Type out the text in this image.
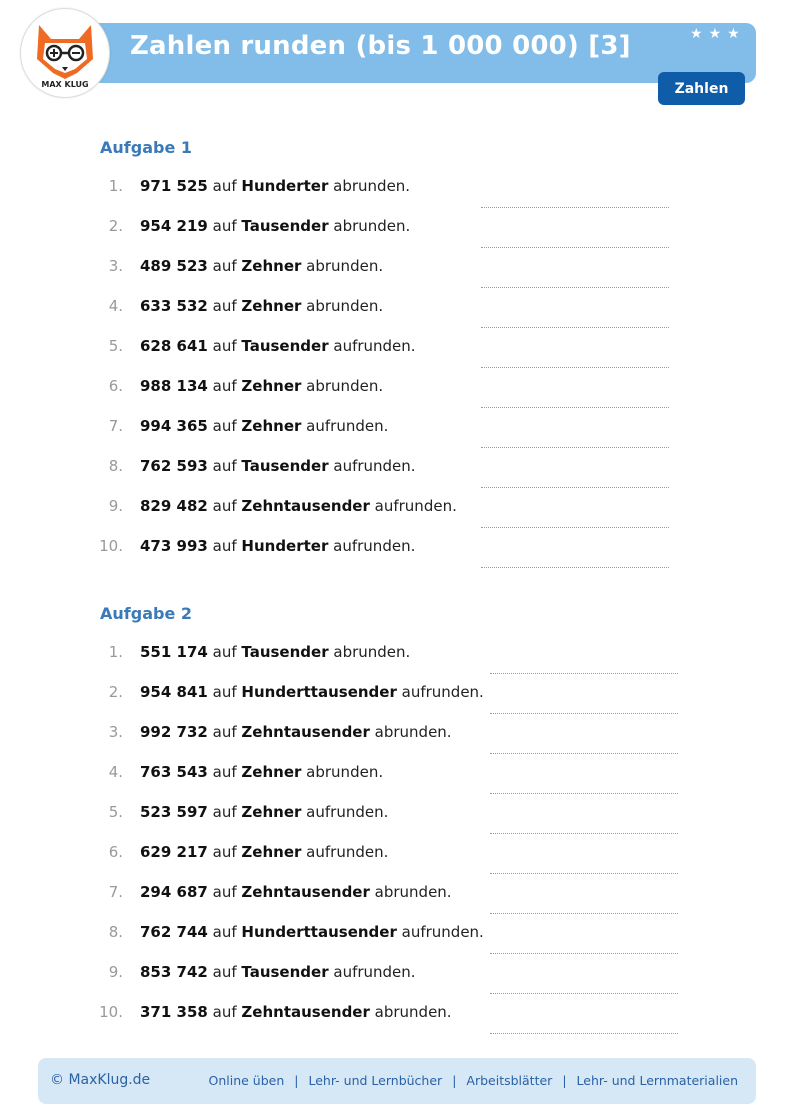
MAX KLUG
Zahlen runden (bis 1 000 000) [3]	★ ★ ★
Zahlen
Aufgabe 1
1. 971 525 auf Hunderter abrunden.
2. 954 219 auf Tausender abrunden.
3. 489 523 auf Zehner abrunden.
4. 633 532 auf Zehner abrunden.
5. 628 641 auf Tausender aufrunden.
6. 988 134 auf Zehner abrunden.
7. 994 365 auf Zehner aufrunden.
8. 762 593 auf Tausender aufrunden.
9. 829 482 auf Zehntausender aufrunden.
10. 473 993 auf Hunderter aufrunden.
Aufgabe 2
1. 551 174 auf Tausender abrunden.
2. 954 841 auf Hunderttausender aufrunden.
3. 992 732 auf Zehntausender abrunden.
4. 763 543 auf Zehner abrunden.
5. 523 597 auf Zehner aufrunden.
6. 629 217 auf Zehner aufrunden.
7. 294 687 auf Zehntausender abrunden.
8. 762 744 auf Hunderttausender aufrunden.
9. 853 742 auf Tausender aufrunden.
10. 371 358 auf Zehntausender abrunden.
© MaxKlug.de	Online üben | Lehr- und Lernbücher | Arbeitsblätter | Lehr- und Lernmaterialien
